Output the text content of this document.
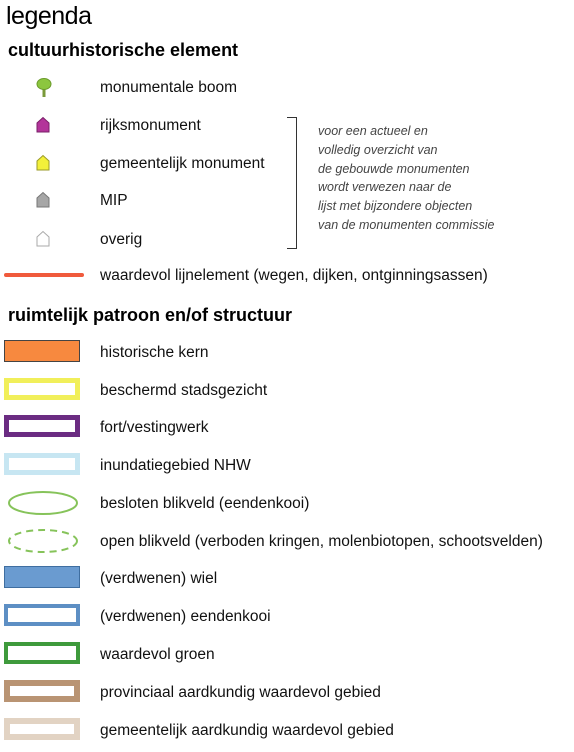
legenda
cultuurhistorische element
monumentale boom
rijksmonument
gemeentelijk monument
MIP
overig
voor een actueel en
volledig overzicht van
de gebouwde monumenten
wordt verwezen naar de
lijst met bijzondere objecten
van de monumenten commissie
waardevol lijnelement (wegen, dijken, ontginningsassen)
ruimtelijk patroon en/of structuur
historische kern
beschermd stadsgezicht
fort/vestingwerk
inundatiegebied NHW
besloten blikveld (eendenkooi)
open blikveld (verboden kringen, molenbiotopen, schootsvelden)
(verdwenen) wiel
(verdwenen) eendenkooi
waardevol groen
provinciaal aardkundig waardevol gebied
gemeentelijk aardkundig waardevol gebied
